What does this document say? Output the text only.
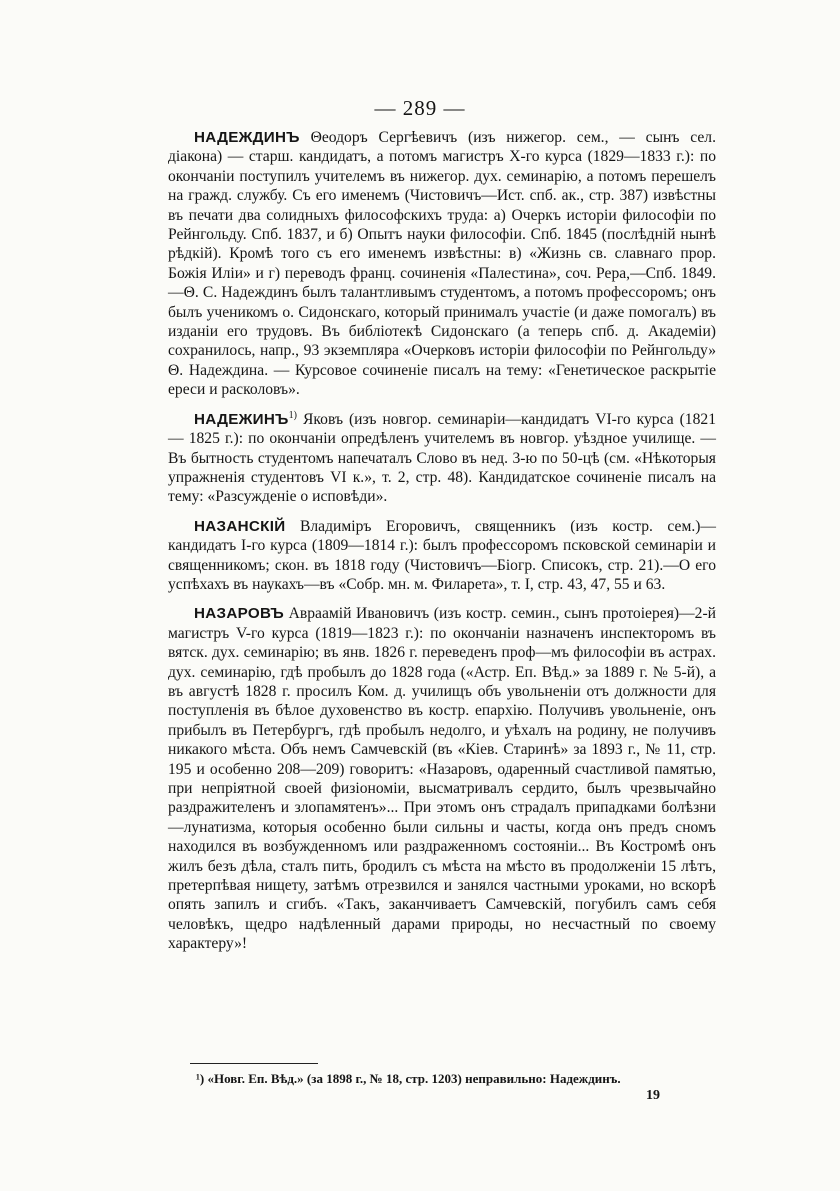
— 289 —

НАДЕЖДИНЪ Θеодоръ Сергѣевичъ (изъ нижегор. сем., — сынъ сел. діакона) — старш. кандидатъ, а потомъ магистръ X-го курса (1829—1833 г.): по окончаніи поступилъ учителемъ въ нижегор. дух. семинарію, а потомъ перешелъ на гражд. службу. Съ его именемъ (Чистовичъ—Ист. спб. ак., стр. 387) извѣстны въ печати два солидныхъ философскихъ труда: а) Очеркъ исторіи философіи по Рейнгольду. Спб. 1837, и б) Опытъ науки философіи. Спб. 1845 (послѣдній нынѣ рѣдкій). Кромѣ того съ его именемъ извѣстны: в) «Жизнь св. славнаго прор. Божія Иліи» и г) переводъ франц. сочиненія «Палестина», соч. Рера,—Спб. 1849.—Θ. С. Надеждинъ былъ талантливымъ студентомъ, а потомъ профессоромъ; онъ былъ ученикомъ о. Сидонскаго, который принималъ участіе (и даже помогалъ) въ изданіи его трудовъ. Въ библіотекѣ Сидонскаго (а теперь спб. д. Академіи) сохранилось, напр., 93 экземпляра «Очерковъ исторіи философіи по Рейнгольду» Θ. Надеждина. — Курсовое сочиненіе писалъ на тему: «Генетическое раскрытіе ереси и расколовъ».

НАДЕЖИНЪ$^{1)}$ Яковъ (изъ новгор. семинаріи—кандидатъ VI-го курса (1821 — 1825 г.): по окончаніи опредѣленъ учителемъ въ новгор. уѣздное училище. — Въ бытность студентомъ напечаталъ Слово въ нед. 3-ю по 50-цѣ (см. «Нѣкоторыя упражненія студентовъ VI к.», т. 2, стр. 48). Кандидатское сочиненіе писалъ на тему: «Разсужденіе о исповѣди».

НАЗАНСКІЙ Владиміръ Егоровичъ, священникъ (изъ костр. сем.)—кандидатъ I-го курса (1809—1814 г.): былъ профессоромъ псковской семинаріи и священникомъ; скон. въ 1818 году (Чистовичъ—Біогр. Списокъ, стр. 21).—О его успѣхахъ въ наукахъ—въ «Собр. мн. м. Филарета», т. I, стр. 43, 47, 55 и 63.

НАЗАРОВЪ Авраамій Ивановичъ (изъ костр. семин., сынъ протоіерея)—2-й магистръ V-го курса (1819—1823 г.): по окончаніи назначенъ инспекторомъ въ вятск. дух. семинарію; въ янв. 1826 г. переведенъ проф—мъ философіи въ астрах. дух. семинарію, гдѣ пробылъ до 1828 года («Астр. Еп. Вѣд.» за 1889 г. № 5-й), а въ августѣ 1828 г. просилъ Ком. д. училищъ объ увольненіи отъ должности для поступленія въ бѣлое духовенство въ костр. епархію. Получивъ увольненіе, онъ прибылъ въ Петербургъ, гдѣ пробылъ недолго, и уѣхалъ на родину, не получивъ никакого мѣста. Объ немъ Самчевскій (въ «Кіев. Старинѣ» за 1893 г., № 11, стр. 195 и особенно 208—209) говоритъ: «Назаровъ, одаренный счастливой памятью, при непріятной своей физіономіи, высматривалъ сердито, былъ чрезвычайно раздражителенъ и злопамятенъ»... При этомъ онъ страдалъ припадками болѣзни—лунатизма, которыя особенно были сильны и часты, когда онъ предъ сномъ находился въ возбужденномъ или раздраженномъ состояніи... Въ Костромѣ онъ жилъ безъ дѣла, сталъ пить, бродилъ съ мѣста на мѣсто въ продолженіи 15 лѣтъ, претерпѣвая нищету, затѣмъ отрезвился и занялся частными уроками, но вскорѣ опять запилъ и сгибъ. «Такъ, заканчиваетъ Самчевскій, погубилъ самъ себя человѣкъ, щедро надѣленный дарами природы, но несчастный по своему характеру»!

¹) «Новг. Еп. Вѣд.» (за 1898 г., № 18, стр. 1203) неправильно: Надеждинъ.
19
